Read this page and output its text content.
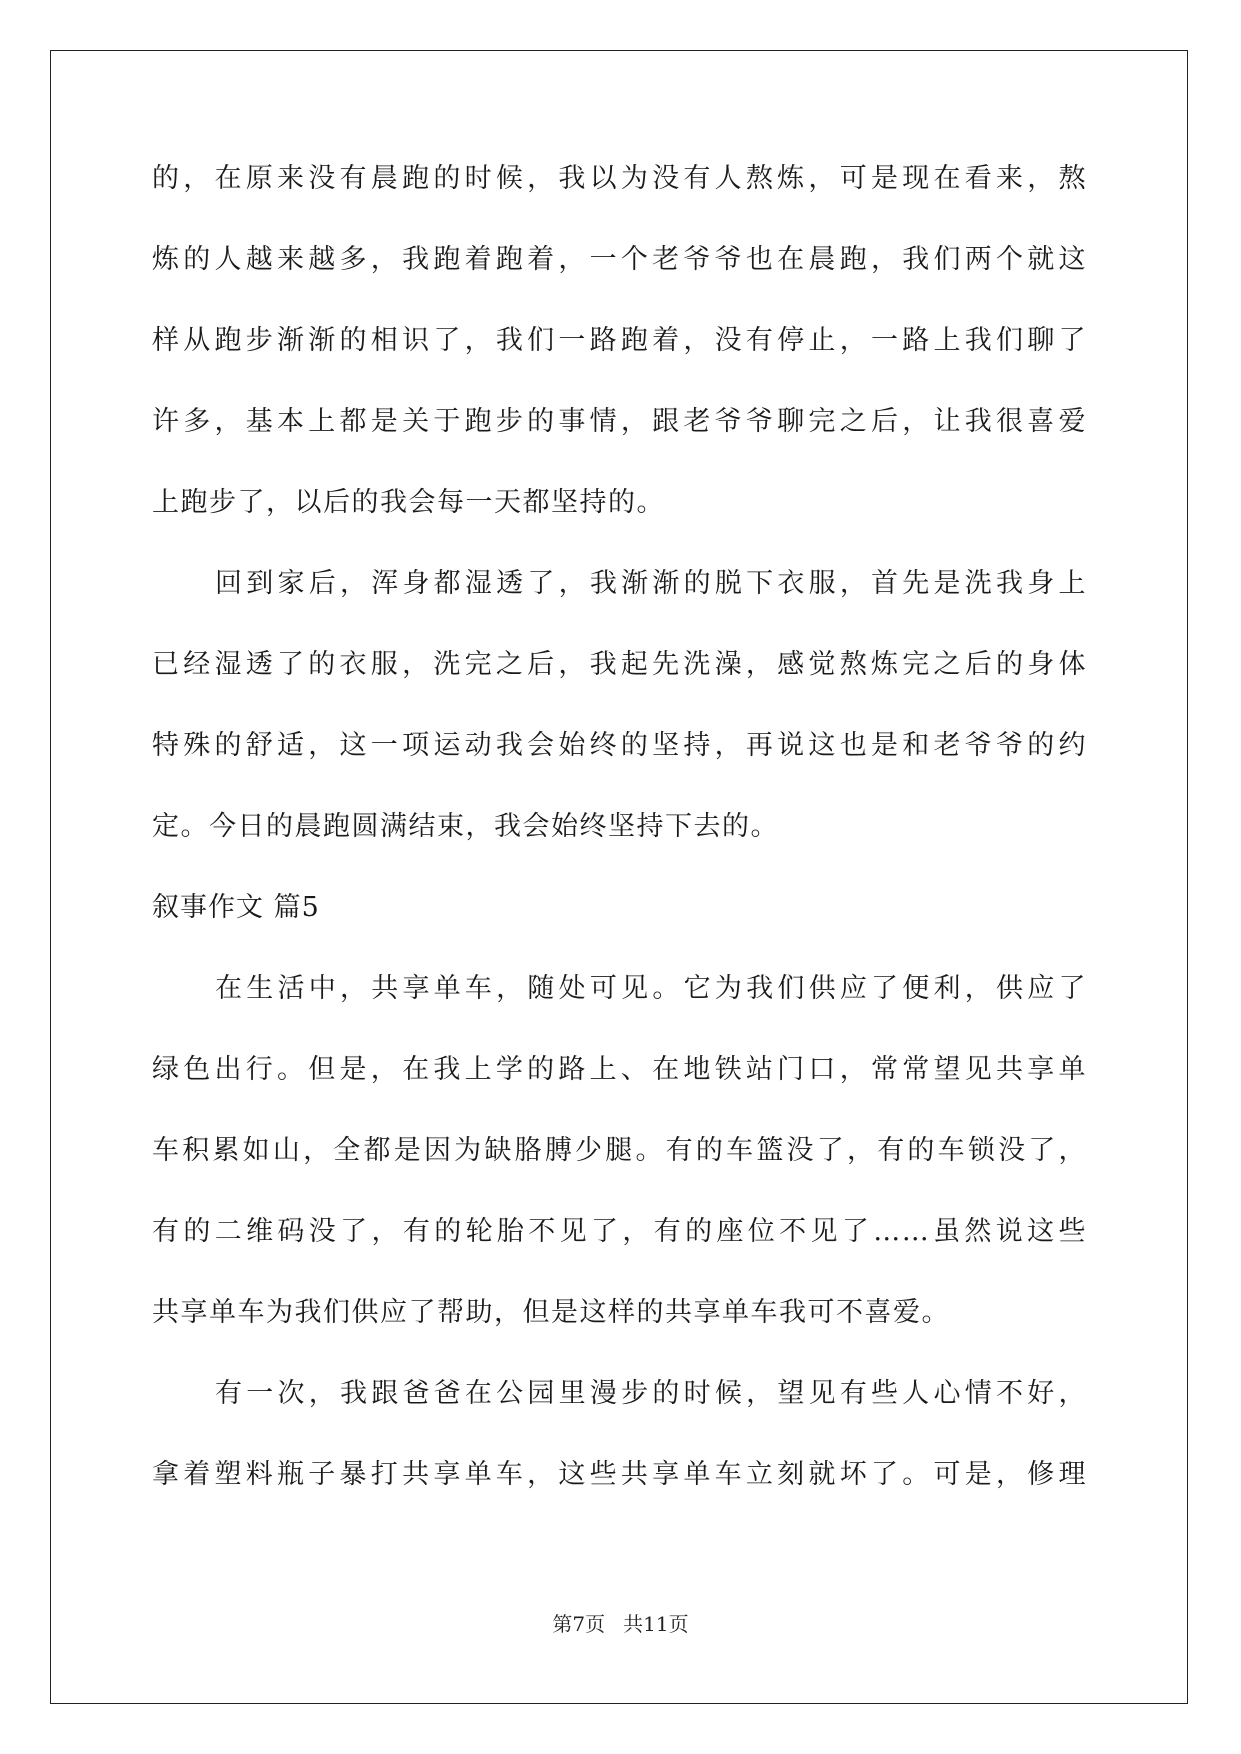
的，在原来没有晨跑的时候，我以为没有人熬炼，可是现在看来，熬
炼的人越来越多，我跑着跑着，一个老爷爷也在晨跑，我们两个就这
样从跑步渐渐的相识了，我们一路跑着，没有停止，一路上我们聊了
许多，基本上都是关于跑步的事情，跟老爷爷聊完之后，让我很喜爱
上跑步了，以后的我会每一天都坚持的。
回到家后，浑身都湿透了，我渐渐的脱下衣服，首先是洗我身上
已经湿透了的衣服，洗完之后，我起先洗澡，感觉熬炼完之后的身体
特殊的舒适，这一项运动我会始终的坚持，再说这也是和老爷爷的约
定。今日的晨跑圆满结束，我会始终坚持下去的。
叙事作文 篇5
在生活中，共享单车，随处可见。它为我们供应了便利，供应了
绿色出行。但是，在我上学的路上、在地铁站门口，常常望见共享单
车积累如山，全都是因为缺胳膊少腿。有的车篮没了，有的车锁没了，
有的二维码没了，有的轮胎不见了，有的座位不见了……虽然说这些
共享单车为我们供应了帮助，但是这样的共享单车我可不喜爱。
有一次，我跟爸爸在公园里漫步的时候，望见有些人心情不好，
拿着塑料瓶子暴打共享单车，这些共享单车立刻就坏了。可是，修理
第7页 共11页
